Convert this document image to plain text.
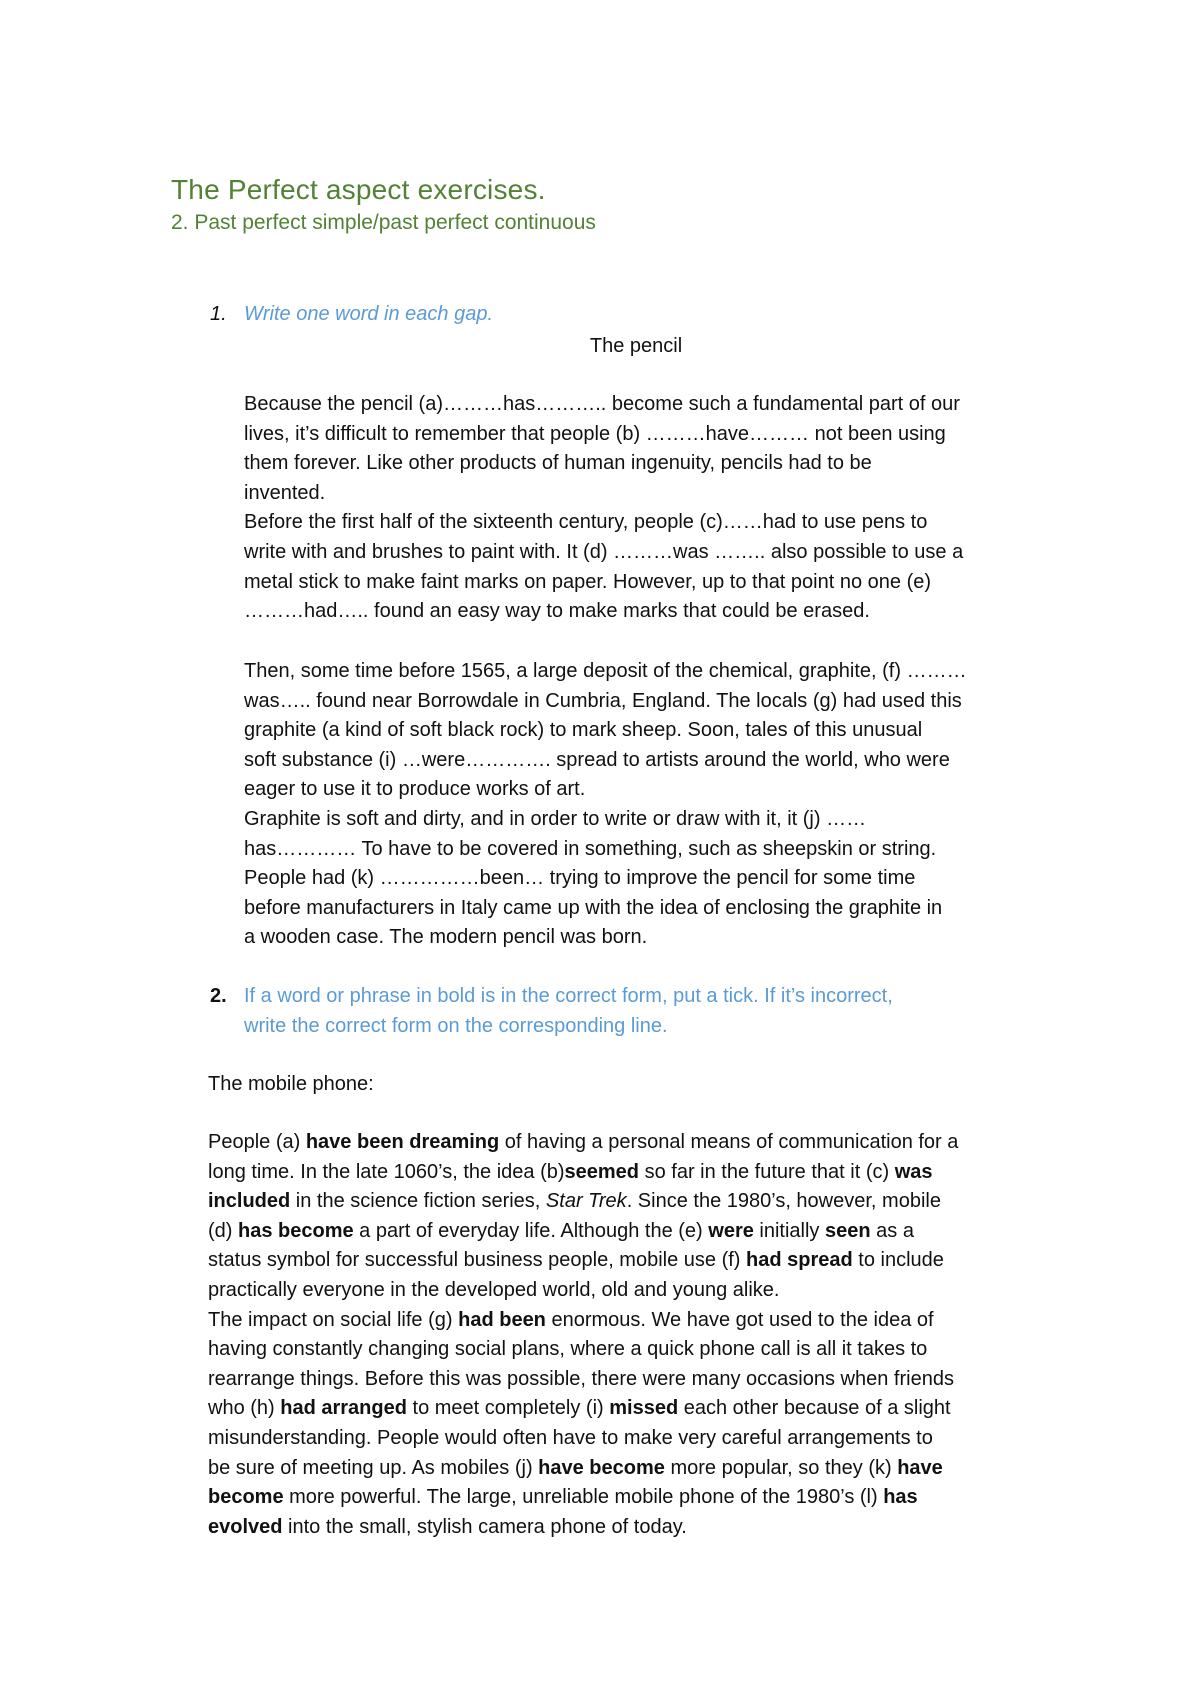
The Perfect aspect exercises.
2. Past perfect simple/past perfect continuous
1. Write one word in each gap.
The pencil
Because the pencil (a)………has……….. become such a fundamental part of our
lives, it’s difficult to remember that people (b) ………have……… not been using
them forever. Like other products of human ingenuity, pencils had to be
invented.
Before the first half of the sixteenth century, people (c)……had to use pens to
write with and brushes to paint with. It (d) ………was …….. also possible to use a
metal stick to make faint marks on paper. However, up to that point no one (e)
………had….. found an easy way to make marks that could be erased.
Then, some time before 1565, a large deposit of the chemical, graphite, (f) ………
was….. found near Borrowdale in Cumbria, England. The locals (g) had used this
graphite (a kind of soft black rock) to mark sheep. Soon, tales of this unusual
soft substance (i) …were…………. spread to artists around the world, who were
eager to use it to produce works of art.
Graphite is soft and dirty, and in order to write or draw with it, it (j) ……
has………… To have to be covered in something, such as sheepskin or string.
People had (k) ……………been… trying to improve the pencil for some time
before manufacturers in Italy came up with the idea of enclosing the graphite in
a wooden case. The modern pencil was born.
2. If a word or phrase in bold is in the correct form, put a tick. If it’s incorrect,
write the correct form on the corresponding line.
The mobile phone:
People (a) have been dreaming of having a personal means of communication for a
long time. In the late 1060’s, the idea (b)seemed so far in the future that it (c) was
included in the science fiction series, Star Trek. Since the 1980’s, however, mobile
(d) has become a part of everyday life. Although the (e) were initially seen as a
status symbol for successful business people, mobile use (f) had spread to include
practically everyone in the developed world, old and young alike.
The impact on social life (g) had been enormous. We have got used to the idea of
having constantly changing social plans, where a quick phone call is all it takes to
rearrange things. Before this was possible, there were many occasions when friends
who (h) had arranged to meet completely (i) missed each other because of a slight
misunderstanding. People would often have to make very careful arrangements to
be sure of meeting up. As mobiles (j) have become more popular, so they (k) have
become more powerful. The large, unreliable mobile phone of the 1980’s (l) has
evolved into the small, stylish camera phone of today.
